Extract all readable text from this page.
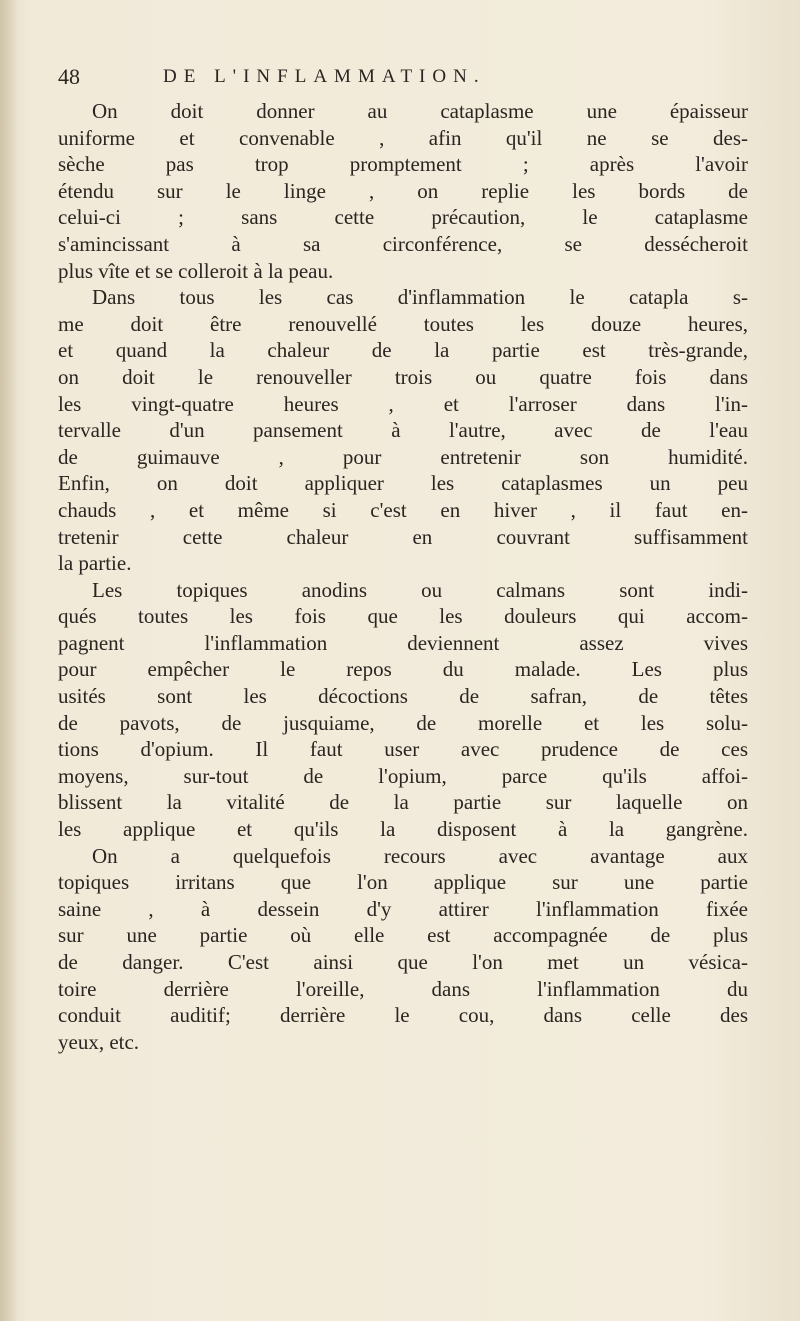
48	DE L'INFLAMMATION.
On doit donner au cataplasme une épaisseur
uniforme et convenable , afin qu'il ne se des-
sèche pas trop promptement ; après l'avoir
étendu sur le linge , on replie les bords de
celui-ci ; sans cette précaution, le cataplasme
s'amincissant à sa circonférence, se dessécheroit
plus vîte et se colleroit à la peau.
Dans tous les cas d'inflammation le catapla s-
me doit être renouvellé toutes les douze heures,
et quand la chaleur de la partie est très-grande,
on doit le renouveller trois ou quatre fois dans
les vingt-quatre heures , et l'arroser dans l'in-
tervalle d'un pansement à l'autre, avec de l'eau
de guimauve , pour entretenir son humidité.
Enfin, on doit appliquer les cataplasmes un peu
chauds , et même si c'est en hiver , il faut en-
tretenir cette chaleur en couvrant suffisamment
la partie.
Les topiques anodins ou calmans sont indi-
qués toutes les fois que les douleurs qui accom-
pagnent l'inflammation deviennent assez vives
pour empêcher le repos du malade. Les plus
usités sont les décoctions de safran, de têtes
de pavots, de jusquiame, de morelle et les solu-
tions d'opium. Il faut user avec prudence de ces
moyens, sur-tout de l'opium, parce qu'ils affoi-
blissent la vitalité de la partie sur laquelle on
les applique et qu'ils la disposent à la gangrène.
On a quelquefois recours avec avantage aux
topiques irritans que l'on applique sur une partie
saine , à dessein d'y attirer l'inflammation fixée
sur une partie où elle est accompagnée de plus
de danger. C'est ainsi que l'on met un vésica-
toire derrière l'oreille, dans l'inflammation du
conduit auditif; derrière le cou, dans celle des
yeux, etc.
